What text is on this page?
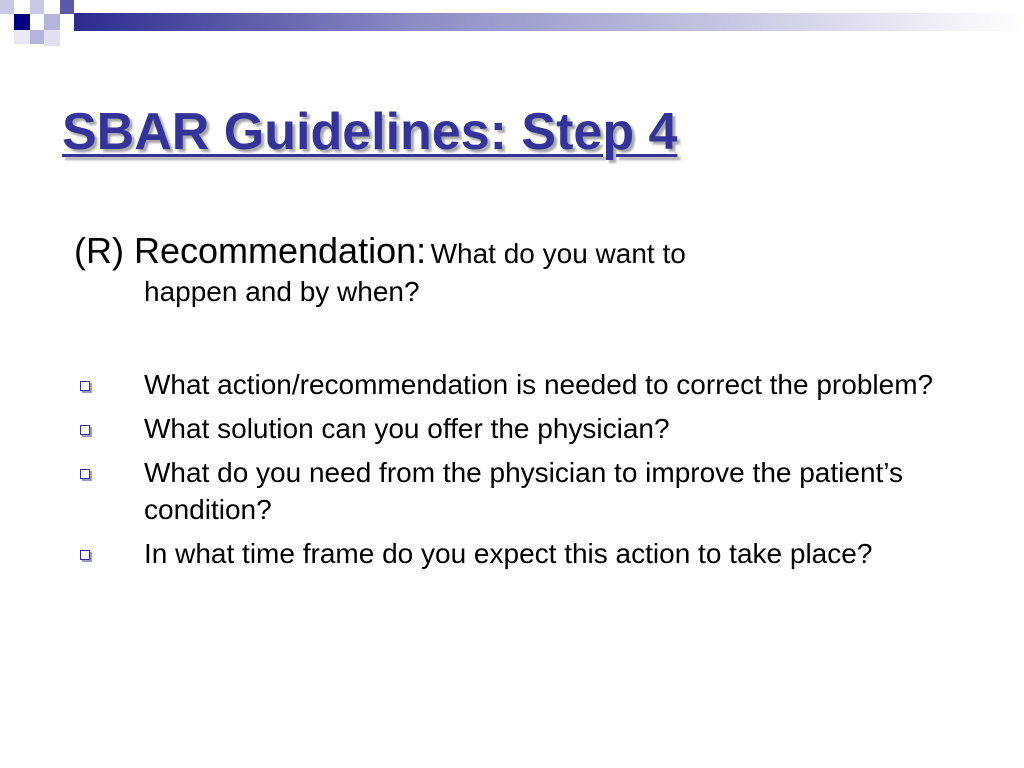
SBAR Guidelines: Step 4

(R) Recommendation: What do you want to
happen and by when?

What action/recommendation is needed to correct the problem?
What solution can you offer the physician?
What do you need from the physician to improve the patient’s condition?
In what time frame do you expect this action to take place?
